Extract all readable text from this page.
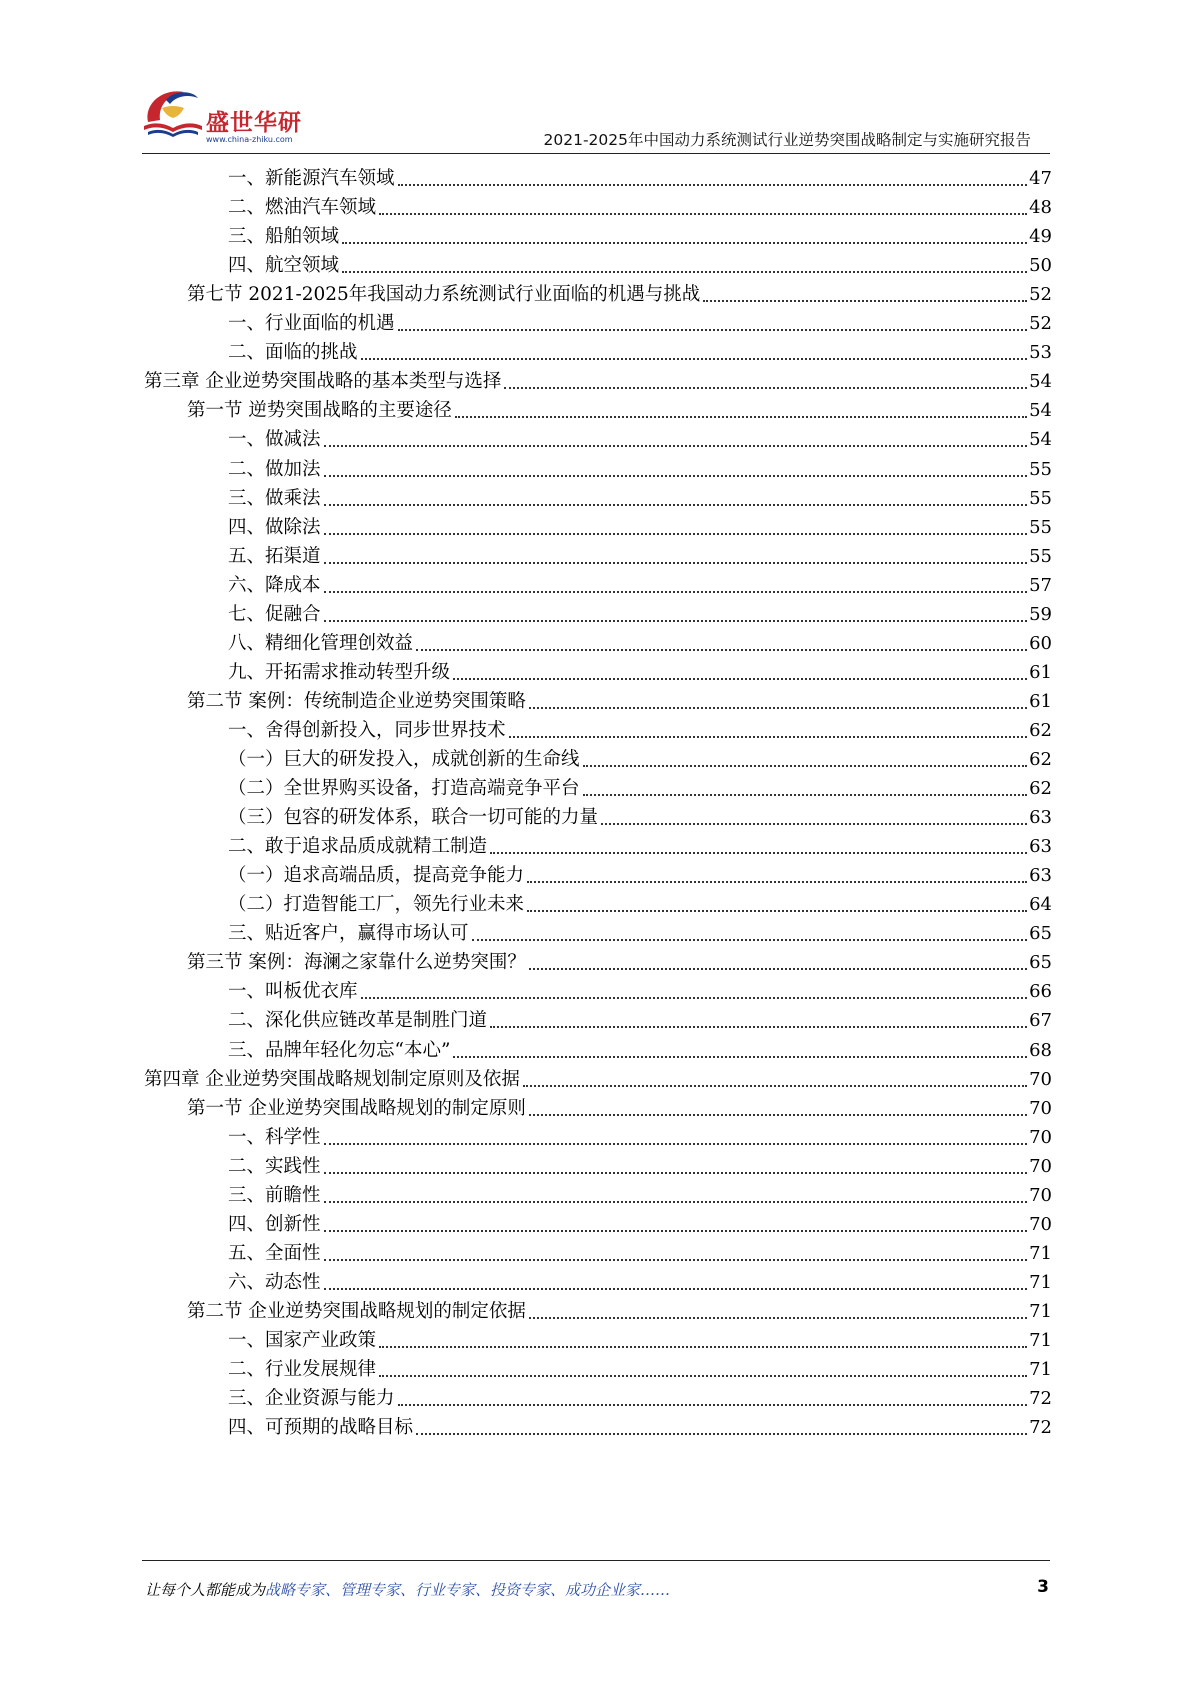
盛世华研
www.china-zhiku.com	2021-2025年中国动力系统测试行业逆势突围战略制定与实施研究报告
一、新能源汽车领域	47
二、燃油汽车领域	48
三、船舶领域	49
四、航空领域	50
第七节 2021-2025年我国动力系统测试行业面临的机遇与挑战	52
一、行业面临的机遇	52
二、面临的挑战	53
第三章 企业逆势突围战略的基本类型与选择	54
第一节 逆势突围战略的主要途径	54
一、做减法	54
二、做加法	55
三、做乘法	55
四、做除法	55
五、拓渠道	55
六、降成本	57
七、促融合	59
八、精细化管理创效益	60
九、开拓需求推动转型升级	61
第二节 案例：传统制造企业逆势突围策略	61
一、舍得创新投入，同步世界技术	62
（一）巨大的研发投入，成就创新的生命线	62
（二）全世界购买设备，打造高端竞争平台	62
（三）包容的研发体系，联合一切可能的力量	63
二、敢于追求品质成就精工制造	63
（一）追求高端品质，提高竞争能力	63
（二）打造智能工厂，领先行业未来	64
三、贴近客户，赢得市场认可	65
第三节 案例：海澜之家靠什么逆势突围？	65
一、叫板优衣库	66
二、深化供应链改革是制胜门道	67
三、品牌年轻化勿忘“本心”	68
第四章 企业逆势突围战略规划制定原则及依据	70
第一节 企业逆势突围战略规划的制定原则	70
一、科学性	70
二、实践性	70
三、前瞻性	70
四、创新性	70
五、全面性	71
六、动态性	71
第二节 企业逆势突围战略规划的制定依据	71
一、国家产业政策	71
二、行业发展规律	71
三、企业资源与能力	72
四、可预期的战略目标	72
让每个人都能成为战略专家、管理专家、行业专家、投资专家、成功企业家……	3
